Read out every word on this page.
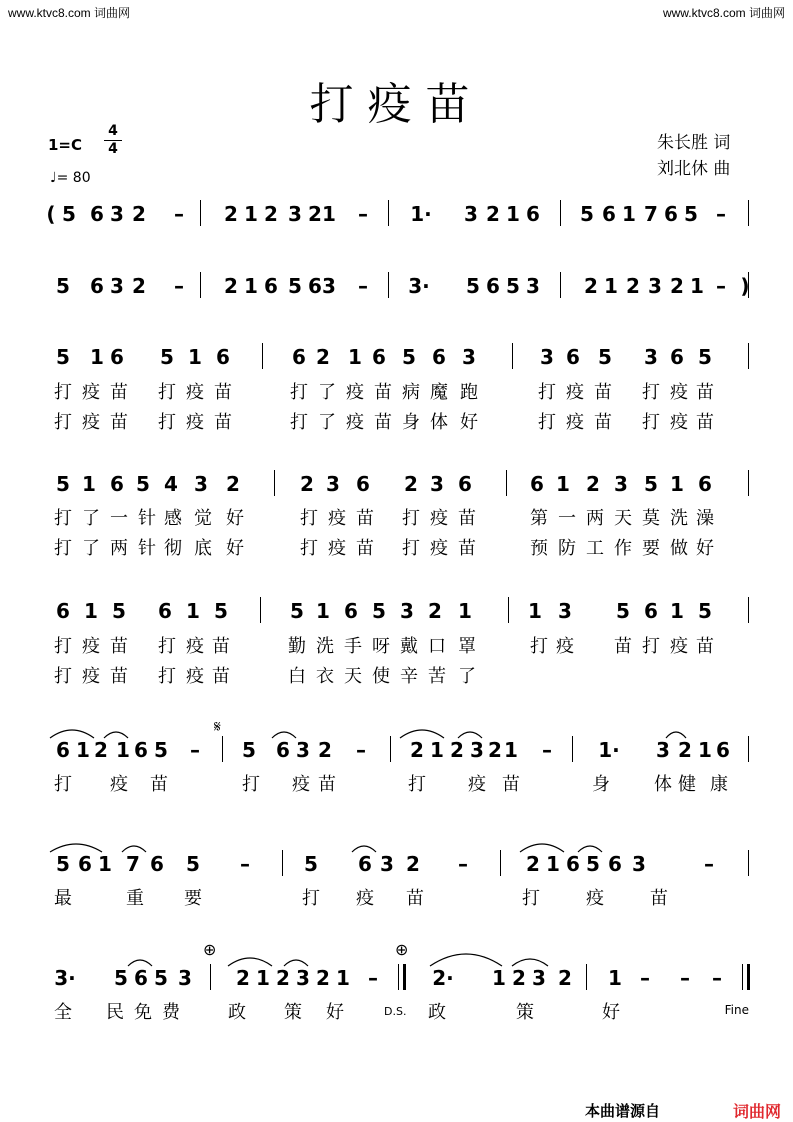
www.ktvc8.com 词曲网	www.ktvc8.com 词曲网
打疫苗
1=C
4
4
♩= 80
朱长胜 词
刘北休 曲
( 5 6 3 2	–	2 1 2 3 2 1	–	1· 3 2 1 6 5 6 1 7 6 5 –
5 6 3 2	–	2 1 6 5 6 3	–	3· 5 6 5 3 2 1 2 3 2 1 – )
5 1 6 5 1 6	6 2 1 6 5 6 3	3 6 5 3 6 5
打 疫 苗 打 疫 苗	打 了 疫 苗 病 魔 跑	打 疫 苗 打 疫 苗
打 疫 苗 打 疫 苗	打 了 疫 苗 身 体 好	打 疫 苗 打 疫 苗
5 1 6 5 4 3 2	2 3 6 2 3 6	6 1 2 3 5 1 6
打 了 一 针 感 觉 好	打 疫 苗 打 疫 苗	第 一 两 天 莫 洗 澡
打 了 两 针 彻 底 好	打 疫 苗 打 疫 苗	预 防 工 作 要 做 好
6 1 5 6 1 5	5 1 6 5 3 2 1	1 3 5 6 1 5
打 疫 苗 打 疫 苗	勤 洗 手 呀 戴 口 罩	打 疫 苗 打 疫 苗
打 疫 苗 打 疫 苗	白 衣 天 使 辛 苦 了
6 1 2 1 6 5	–	5 6 3 2	–	2 1 2 3 2 1	–	1· 3 2 1 6
打 疫 苗	打 疫 苗	打 疫 苗	身 体 健 康
5 6 1 7 6 5	–	5 6 3 2	–	2 1 6 5 6 3	–
最	重 要	打 疫 苗	打	疫	苗
3· 5 6 5 3 2 1 2 3 2 1 –	2· 1 2 3 2 1 –	–	–
全 民 免 费	政 策 好	政	策	好
𝄋
⊕	⊕
D.S.	Fine
本曲谱源自	词曲网
